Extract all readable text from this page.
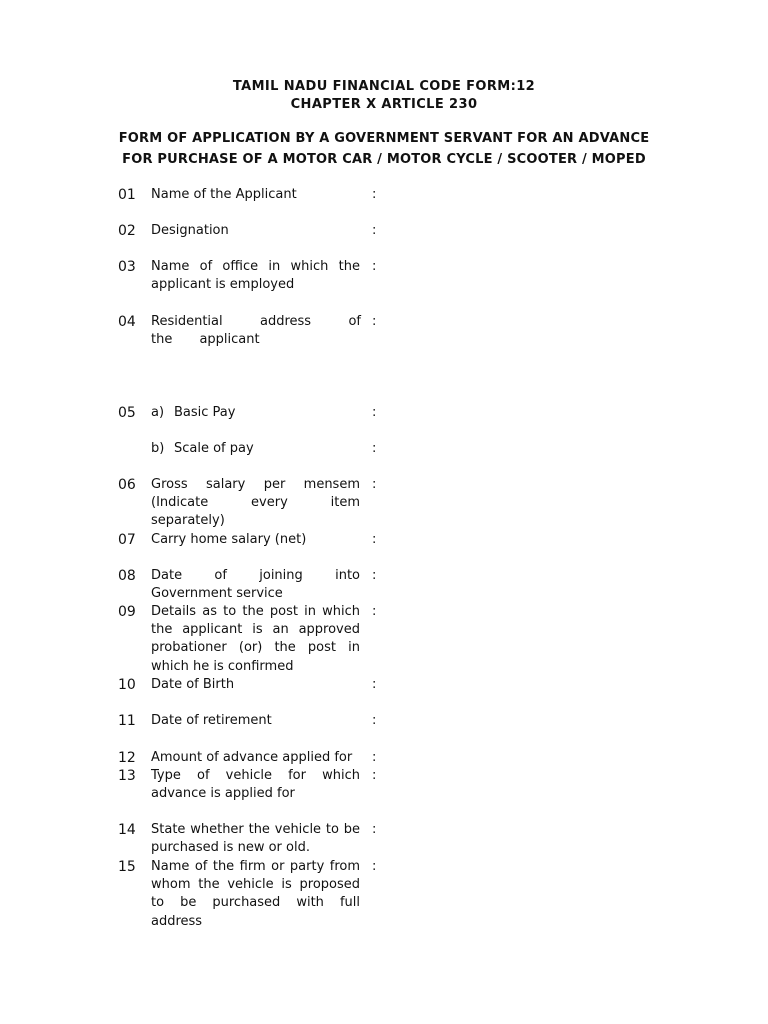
TAMIL NADU FINANCIAL CODE FORM:12
CHAPTER X ARTICLE 230
FORM OF APPLICATION BY A GOVERNMENT SERVANT FOR AN ADVANCE
FOR PURCHASE OF A MOTOR CAR / MOTOR CYCLE / SCOOTER / MOPED
01 Name of the Applicant	:
02 Designation	:
03 Name of office in which the applicant is employed
:
04 Residential address of the applicant
:
05 a) Basic Pay	:
b) Scale of pay	:
06 Gross salary per mensem (Indicate every item separately)
:
07 Carry home salary (net)	:
08 Date of joining into Government service
:
09 Details as to the post in which the applicant is an approved probationer (or) the post in which he is confirmed
:
10 Date of Birth	:
11 Date of retirement	:
12 Amount of advance applied for	:
13 Type of vehicle for which advance is applied for
:
14 State whether the vehicle to be purchased is new or old.
:
15 Name of the firm or party from whom the vehicle is proposed to be purchased with full address
:
